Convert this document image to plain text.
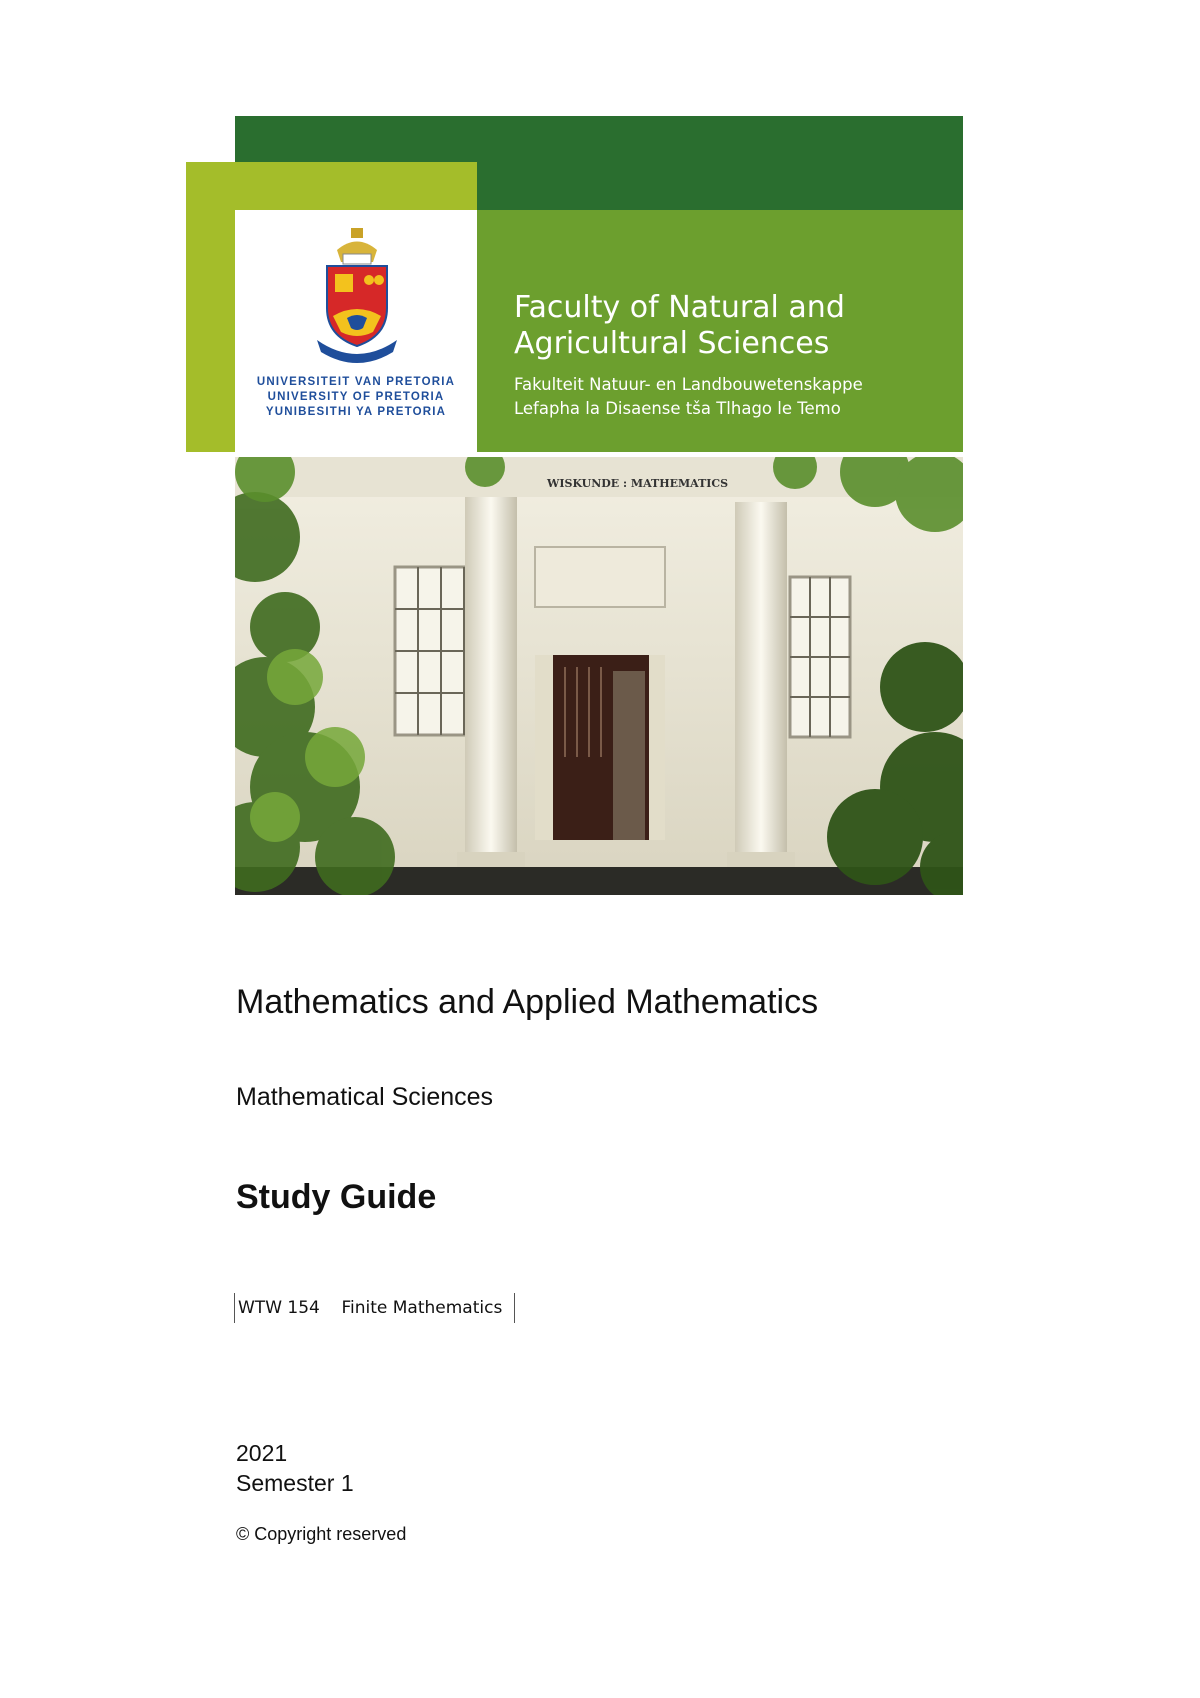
UNIVERSITEIT VAN PRETORIA
UNIVERSITY OF PRETORIA
YUNIBESITHI YA PRETORIA
Faculty of Natural and
Agricultural Sciences
Fakulteit Natuur- en Landbouwetenskappe
Lefapha la Disaense tša Tlhago le Temo
WISKUNDE : MATHEMATICS
Mathematics and Applied Mathematics
Mathematical Sciences
Study Guide
WTW 154    Finite Mathematics
2021
Semester 1
© Copyright reserved
